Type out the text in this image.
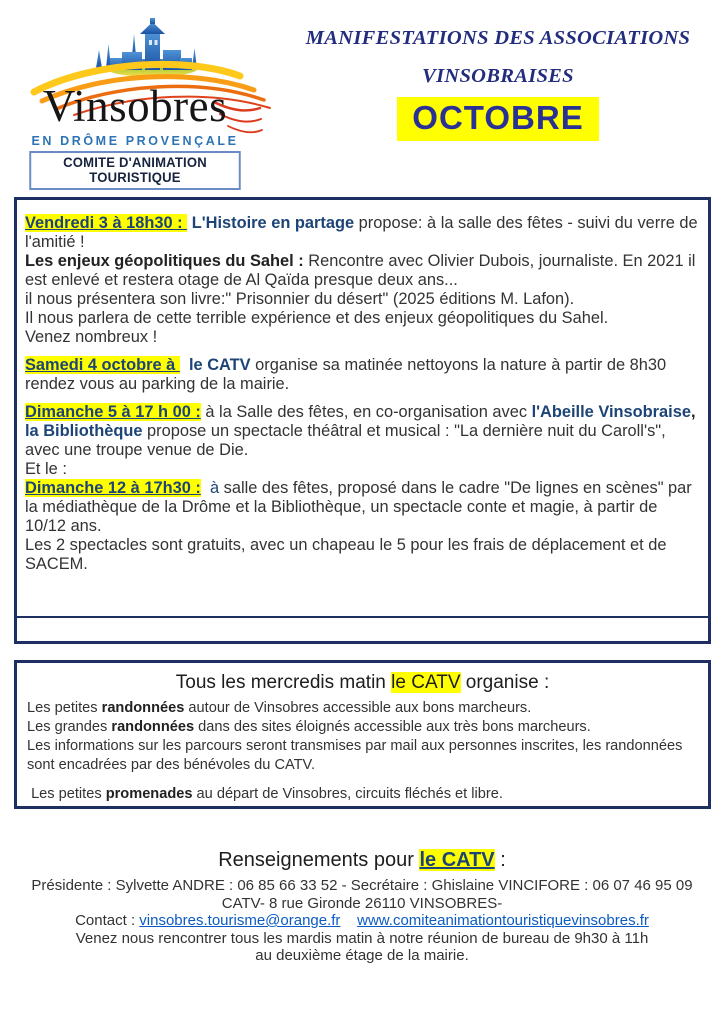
Vinsobres
EN DRÔME PROVENÇALE
COMITE D'ANIMATION TOURISTIQUE
MANIFESTATIONS DES ASSOCIATIONS
VINSOBRAISES
OCTOBRE

Vendredi 3 à 18h30 :  L'Histoire en partage propose: à la salle des fêtes - suivi du verre de l'amitié !

Les enjeux géopolitiques du Sahel : Rencontre avec Olivier Dubois, journaliste. En 2021 il est enlevé et restera otage de Al Qaïda presque deux ans...

il nous présentera son livre:" Prisonnier du désert" (2025 éditions M. Lafon).

Il nous parlera de cette terrible expérience et des enjeux géopolitiques du Sahel.

Venez nombreux !

Samedi 4 octobre à   le CATV organise sa matinée nettoyons la nature à partir de 8h30 rendez vous au parking de la mairie.

Dimanche 5 à 17 h 00 : à la Salle des fêtes, en co-organisation avec l'Abeille Vinsobraise, la Bibliothèque propose un spectacle théâtral et musical : "La dernière nuit du Caroll's", avec une troupe venue de Die.

Et le :

Dimanche 12 à 17h30 : à salle des fêtes, proposé dans le cadre "De lignes en scènes" par la médiathèque de la Drôme et la Bibliothèque, un spectacle conte et magie, à partir de 10/12 ans.

Les 2 spectacles sont gratuits, avec un chapeau le 5 pour les frais de déplacement et de SACEM.

Tous les mercredis matin le CATV organise :

Les petites randonnées autour de Vinsobres accessible aux bons marcheurs.

Les grandes randonnées dans des sites éloignés accessible aux très bons marcheurs.

Les informations sur les parcours seront transmises par mail aux personnes inscrites, les randonnées sont encadrées par des bénévoles du CATV.

Les petites promenades au départ de Vinsobres, circuits fléchés et libre.

Renseignements pour le CATV :

Présidente : Sylvette ANDRE : 06 85 66 33 52 - Secrétaire : Ghislaine VINCIFORE : 06 07 46 95 09

CATV- 8 rue Gironde 26110 VINSOBRES-

Contact : vinsobres.tourisme@orange.fr www.comiteanimationtouristiquevinsobres.fr

Venez nous rencontrer tous les mardis matin à notre réunion de bureau de 9h30 à 11h

au deuxième étage de la mairie.
